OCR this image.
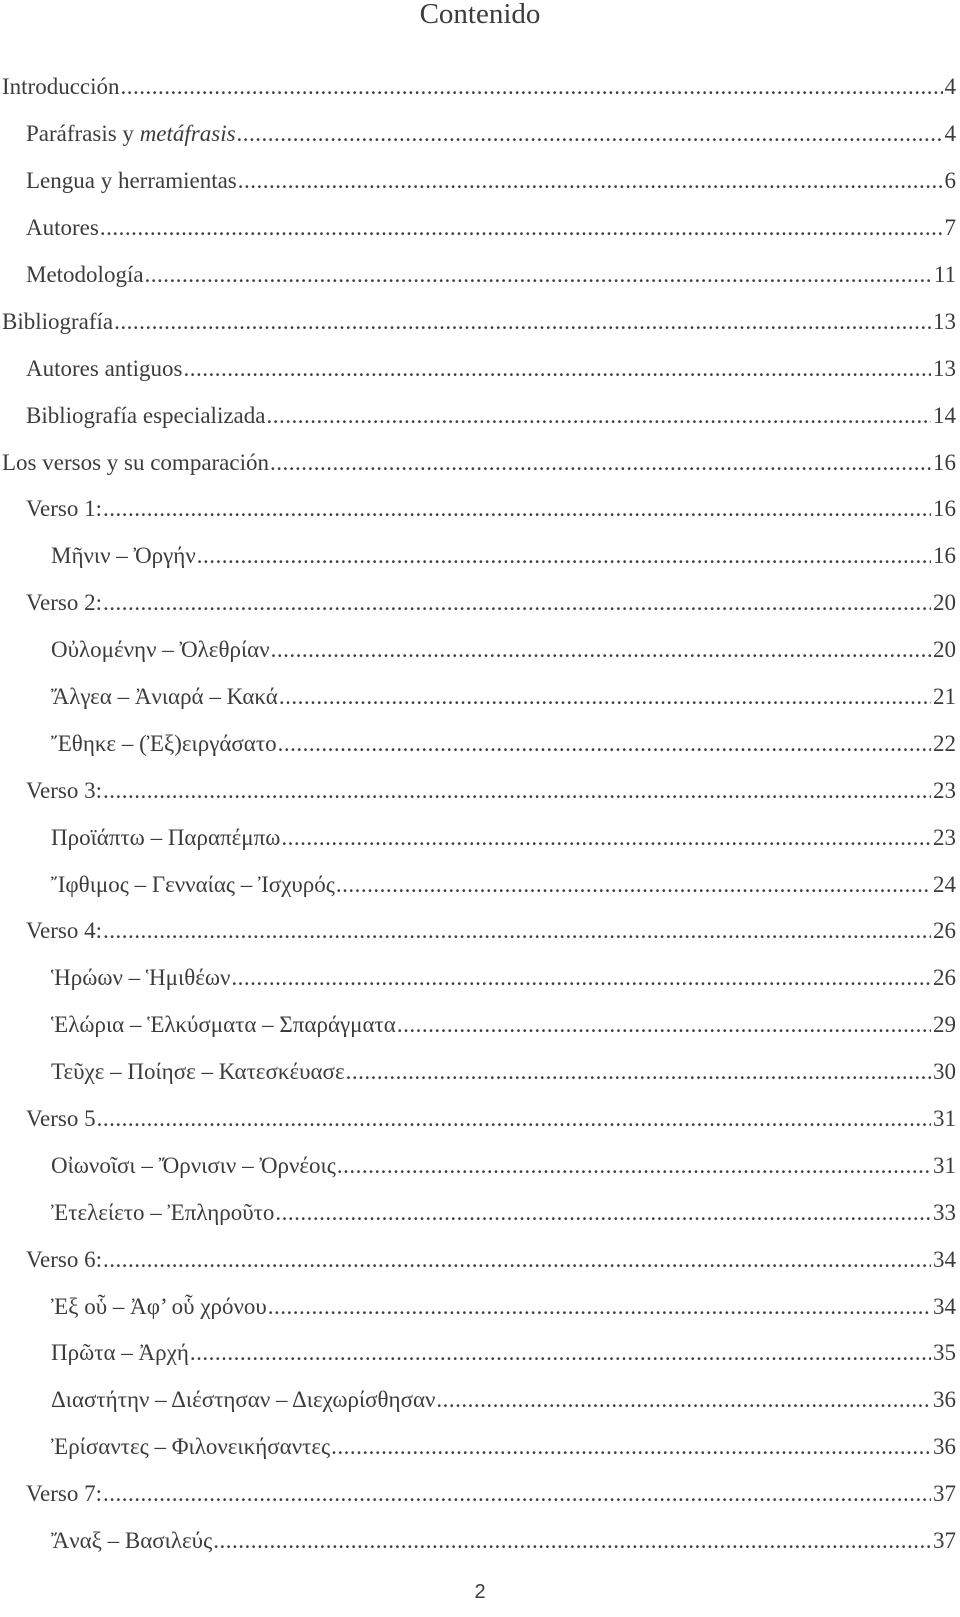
Contenido
Introducción .....	4
Paráfrasis y metáfrasis .....	4
Lengua y herramientas .....	6
Autores .....	7
Metodología .....	11
Bibliografía .....	13
Autores antiguos .....	13
Bibliografía especializada .....	14
Los versos y su comparación .....	16
Verso 1: .....	16
Μῆνιν – Ὀργήν .....	16
Verso 2: .....	20
Οὐλομένην – Ὀλεθρίαν .....	20
Ἄλγεα – Ἀνιαρά – Κακά .....	21
Ἔθηκε – (Ἐξ)ειργάσατο .....	22
Verso 3: .....	23
Προϊάπτω – Παραπέμπω .....	23
Ἴφθιμος – Γενναίας – Ἰσχυρός .....	24
Verso 4: .....	26
Ἡρώων – Ἡμιθέων .....	26
Ἑλώρια – Ἑλκύσματα – Σπαράγματα .....	29
Τεῦχε – Ποίησε – Κατεσκέυασε .....	30
Verso 5 .....	31
Οἰωνοῖσι – Ὄρνισιν – Ὀρνέοις .....	31
Ἐτελείετο – Ἐπληροῦτο .....	33
Verso 6: .....	34
Ἐξ οὗ – Ἀφ’ οὗ χρόνου .....	34
Πρῶτα – Ἀρχή .....	35
Διαστήτην – Διέστησαν – Διεχωρίσθησαν .....	36
Ἐρίσαντες – Φιλονεικήσαντες .....	36
Verso 7: .....	37
Ἄναξ – Βασιλεύς .....	37
2
